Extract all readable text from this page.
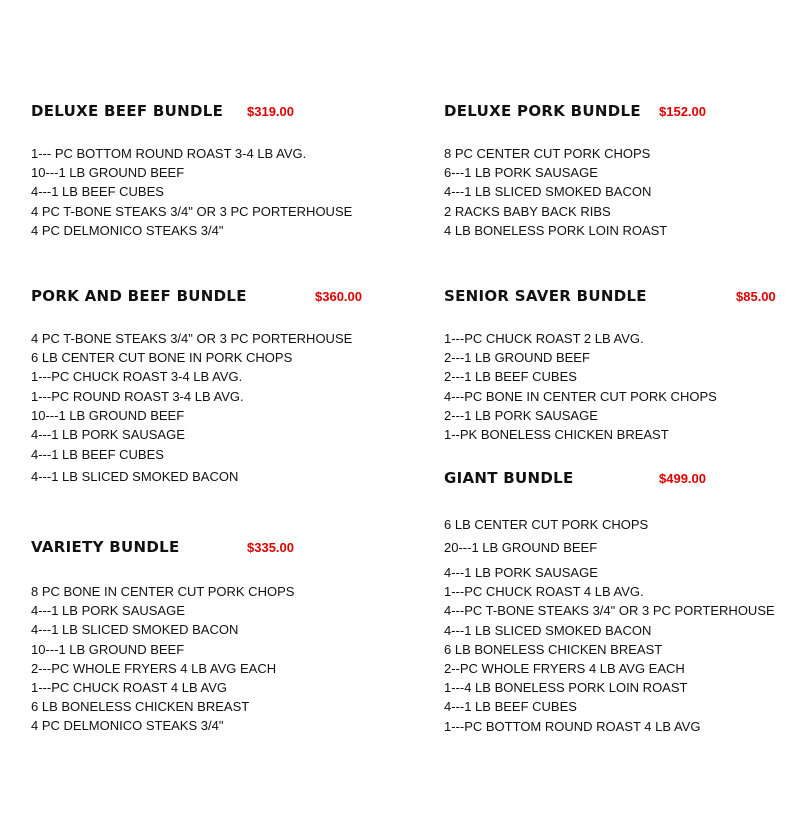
DELUXE BEEF BUNDLE $319.00
1--- PC BOTTOM ROUND ROAST 3-4 LB AVG.
10---1 LB GROUND BEEF
4---1 LB BEEF CUBES
4 PC T-BONE STEAKS 3/4" OR 3 PC PORTERHOUSE
4 PC DELMONICO STEAKS 3/4"
DELUXE PORK BUNDLE $152.00
8 PC CENTER CUT PORK CHOPS
6---1 LB PORK SAUSAGE
4---1 LB SLICED SMOKED BACON
2 RACKS BABY BACK RIBS
4 LB BONELESS PORK LOIN ROAST
PORK AND BEEF BUNDLE	$360.00
4 PC T-BONE STEAKS 3/4" OR 3 PC PORTERHOUSE
6 LB CENTER CUT BONE IN PORK CHOPS
1---PC CHUCK ROAST 3-4 LB AVG.
1---PC ROUND ROAST 3-4 LB AVG.
10---1 LB GROUND BEEF
4---1 LB PORK SAUSAGE
4---1 LB BEEF CUBES
4---1 LB SLICED SMOKED BACON
SENIOR SAVER BUNDLE	$85.00
1---PC CHUCK ROAST 2 LB AVG.
2---1 LB GROUND BEEF
2---1 LB BEEF CUBES
4---PC BONE IN CENTER CUT PORK CHOPS
2---1 LB PORK SAUSAGE
1--PK BONELESS CHICKEN BREAST
GIANT BUNDLE	$499.00
6 LB CENTER CUT PORK CHOPS
20---1 LB GROUND BEEF
4---1 LB PORK SAUSAGE
1---PC CHUCK ROAST 4 LB AVG.
4---PC T-BONE STEAKS 3/4" OR 3 PC PORTERHOUSE
4---1 LB SLICED SMOKED BACON
6 LB BONELESS CHICKEN BREAST
2--PC WHOLE FRYERS 4 LB AVG EACH
1---4 LB BONELESS PORK LOIN ROAST
4---1 LB BEEF CUBES
1---PC BOTTOM ROUND ROAST 4 LB AVG
VARIETY BUNDLE	$335.00
8 PC BONE IN CENTER CUT PORK CHOPS
4---1 LB PORK SAUSAGE
4---1 LB SLICED SMOKED BACON
10---1 LB GROUND BEEF
2---PC WHOLE FRYERS 4 LB AVG EACH
1---PC CHUCK ROAST 4 LB AVG
6 LB BONELESS CHICKEN BREAST
4 PC DELMONICO STEAKS 3/4"
